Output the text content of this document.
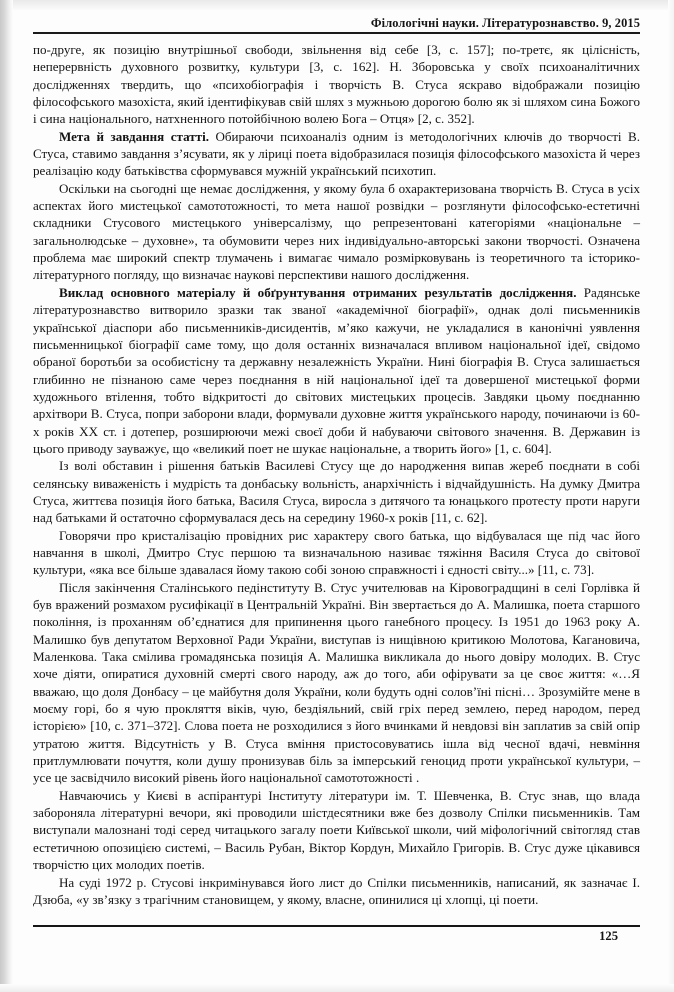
Філологічні науки. Літературознавство. 9, 2015

по-друге, як позицію внутрішньої свободи, звільнення від себе [3, с. 157]; по-третє, як цілісність, неперервність духовного розвитку, культури [3, с. 162]. Н. Зборовська у своїх психоаналітичних дослідженнях твердить, що «психобіографія і творчість В. Стуса яскраво відображали позицію філософського мазохіста, який ідентифікував свій шлях з мужньою дорогою болю як зі шляхом сина Божого і сина національного, натхненного потойбічною волею Бога – Отця» [2, с. 352].

Мета й завдання статті. Обираючи психоаналіз одним із методологічних ключів до творчості В. Стуса, ставимо завдання з’ясувати, як у ліриці поета відобразилася позиція філософського мазохіста й через реалізацію коду батьківства сформувався мужній український психотип.

Оскільки на сьогодні ще немає дослідження, у якому була б охарактеризована творчість В. Стуса в усіх аспектах його мистецької самототожності, то мета нашої розвідки – розглянути філософсько-естетичні складники Стусового мистецького універсалізму, що репрезентовані категоріями «національне – загальнолюдське – духовне», та обумовити через них індивідуально-авторські закони творчості. Означена проблема має широкий спектр тлумачень і вимагає чимало розмірковувань із теоретичного та історико-літературного погляду, що визначає наукові перспективи нашого дослідження.

Виклад основного матеріалу й обґрунтування отриманих результатів дослідження. Радянське літературознавство витворило зразки так званої «академічної біографії», однак долі письменників української діаспори або письменників-дисидентів, м’яко кажучи, не укладалися в канонічні уявлення письменницької біографії саме тому, що доля останніх визначалася впливом національної ідеї, свідомо обраної боротьби за особистісну та державну незалежність України. Нині біографія В. Стуса залишається глибинно не пізнаною саме через поєднання в ній національної ідеї та довершеної мистецької форми художнього втілення, тобто відкритості до світових мистецьких процесів. Завдяки цьому поєднанню архітвори В. Стуса, попри заборони влади, формували духовне життя українського народу, починаючи із 60-х років ХХ ст. і дотепер, розширюючи межі своєї доби й набуваючи світового значення. В. Державин із цього приводу зауважує, що «великий поет не шукає національне, а творить його» [1, с. 604].

Із волі обставин і рішення батьків Василеві Стусу ще до народження випав жереб поєднати в собі селянську виваженість і мудрість та донбаську вольність, анархічність і відчайдушність. На думку Дмитра Стуса, життєва позиція його батька, Василя Стуса, виросла з дитячого та юнацького протесту проти наруги над батьками й остаточно сформувалася десь на середину 1960-х років [11, с. 62].

Говорячи про кристалізацію провідних рис характеру свого батька, що відбувалася ще під час його навчання в школі, Дмитро Стус першою та визначальною називає тяжіння Василя Стуса до світової культури, «яка все більше здавалася йому такою собі зоною справжності і єдності світу...» [11, с. 73].

Після закінчення Сталінського педінституту В. Стус учителював на Кіровоградщині в селі Горлівка й був вражений розмахом русифікації в Центральній Україні. Він звертається до А. Малишка, поета старшого покоління, із проханням об’єднатися для припинення цього ганебного процесу. Із 1951 до 1963 року А. Малишко був депутатом Верховної Ради України, виступав із нищівною критикою Молотова, Кагановича, Маленкова. Така смілива громадянська позиція А. Малишка викликала до нього довіру молодих. В. Стус хоче діяти, опиратися духовній смерті свого народу, аж до того, аби офірувати за це своє життя: «…Я вважаю, що доля Донбасу – це майбутня доля України, коли будуть одні солов’їні пісні… Зрозумійте мене в моєму горі, бо я чую прокляття віків, чую, бездіяльний, свій гріх перед землею, перед народом, перед історією» [10, с. 371–372]. Слова поета не розходилися з його вчинками й невдовзі він заплатив за свій опір утратою життя. Відсутність у В. Стуса вміння пристосовуватись ішла від чесної вдачі, невміння притлумлювати почуття, коли душу пронизував біль за імперський геноцид проти української культури, – усе це засвідчило високий рівень його національної самототожності .

Навчаючись у Києві в аспірантурі Інституту літератури ім. Т. Шевченка, В. Стус знав, що влада забороняла літературні вечори, які проводили шістдесятники вже без дозволу Спілки письменників. Там виступали малознані тоді серед читацького загалу поети Київської школи, чий міфологічний світогляд став естетичною опозицією системі, – Василь Рубан, Віктор Кордун, Михайло Григорів. В. Стус дуже цікавився творчістю цих молодих поетів.

На суді 1972 р. Стусові інкримінувався його лист до Спілки письменників, написаний, як зазначає І. Дзюба, «у зв’язку з трагічним становищем, у якому, власне, опинилися ці хлопці, ці поети.

125
